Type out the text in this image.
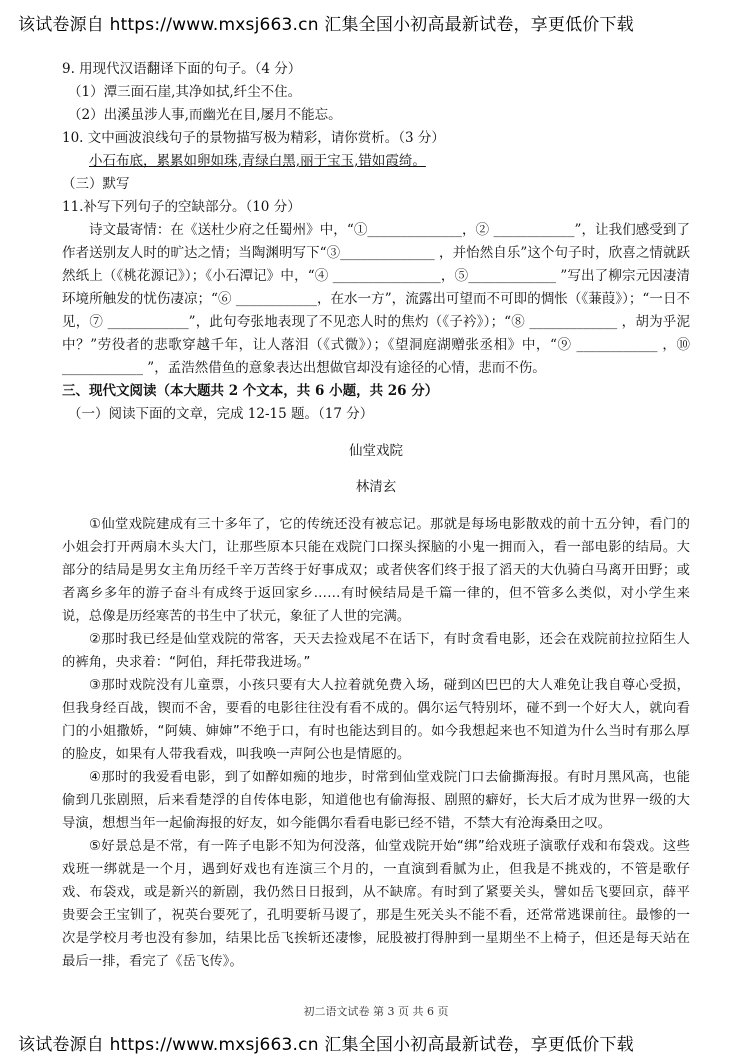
该试卷源自 https://www.mxsj663.cn 汇集全国小初高最新试卷，享更低价下载

9. 用现代汉语翻译下面的句子。（4 分）

（1）潭三面石崖,其净如拭,纤尘不住。

（2）出溪虽涉人事,而幽光在目,屡月不能忘。

10. 文中画波浪线句子的景物描写极为精彩，请你赏析。（3 分）

小石布底，累累如卵如珠,青绿白黑,丽于宝玉,错如霞绮。

（三）默写

11.补写下列句子的空缺部分。（10 分）

诗文最寄情：在《送杜少府之任蜀州》中，“①______________，② ____________”，让我们感受到了作者送别友人时的旷达之情；当陶渊明写下“③______________ ，并怡然自乐”这个句子时，欣喜之情就跃然纸上（《桃花源记》）；《小石潭记》中，“④ ________________，⑤_____________ ”写出了柳宗元因凄清环境所触发的忧伤凄凉；“⑥ ____________，在水一方”，流露出可望而不可即的惆怅（《蒹葭》）；“一日不见，⑦ ____________”，此句夸张地表现了不见恋人时的焦灼（《子衿》）；“⑧ _____________ ，胡为乎泥中？”劳役者的悲歌穿越千年，让人落泪（《式微》）；《望洞庭湖赠张丞相》中，“⑨ ____________ ，⑩ ____________ ”，孟浩然借鱼的意象表达出想做官却没有途径的心情，悲而不伤。

三、现代文阅读（本大题共 2 个文本，共 6 小题，共 26 分）

（一）阅读下面的文章，完成 12-15 题。（17 分）

仙堂戏院

林清玄

①仙堂戏院建成有三十多年了，它的传统还没有被忘记。那就是每场电影散戏的前十五分钟，看门的小姐会打开两扇木头大门，让那些原本只能在戏院门口探头探脑的小鬼一拥而入，看一部电影的结局。大部分的结局是男女主角历经千辛万苦终于好事成双；或者侠客们终于报了滔天的大仇骑白马离开田野；或者离乡多年的游子奋斗有成终于返回家乡……有时候结局是千篇一律的，但不管多么类似，对小学生来说，总像是历经寒苦的书生中了状元，象征了人世的完满。

②那时我已经是仙堂戏院的常客，天天去捡戏尾不在话下，有时贪看电影，还会在戏院前拉拉陌生人的裤角，央求着：“阿伯，拜托带我进场。”

③那时戏院没有儿童票，小孩只要有大人拉着就免费入场，碰到凶巴巴的大人难免让我自尊心受损，但我身经百战，锲而不舍，要看的电影往往没有看不成的。偶尔运气特别坏，碰不到一个好大人，就向看门的小姐撒娇，“阿姨、婶婶”不绝于口，有时也能达到目的。如今我想起来也不知道为什么当时有那么厚的脸皮，如果有人带我看戏，叫我唤一声阿公也是情愿的。

④那时的我爱看电影，到了如醉如痴的地步，时常到仙堂戏院门口去偷撕海报。有时月黑风高，也能偷到几张剧照，后来看楚浮的自传体电影，知道他也有偷海报、剧照的癖好，长大后才成为世界一级的大导演，想想当年一起偷海报的好友，如今能偶尔看看电影已经不错，不禁大有沧海桑田之叹。

⑤好景总是不常，有一阵子电影不知为何没落，仙堂戏院开始“绑”给戏班子演歌仔戏和布袋戏。这些戏班一绑就是一个月，遇到好戏也有连演三个月的，一直演到看腻为止，但我是不挑戏的，不管是歌仔戏、布袋戏，或是新兴的新剧，我仍然日日报到，从不缺席。有时到了紧要关头，譬如岳飞要回京，薛平贵要会王宝钏了，祝英台要死了，孔明要斩马谡了，那是生死关头不能不看，还常常逃课前往。最惨的一次是学校月考也没有参加，结果比岳飞挨斩还凄惨，屁股被打得肿到一星期坐不上椅子，但还是每天站在最后一排，看完了《岳飞传》。

初二语文试卷 第 3 页 共 6 页
该试卷源自 https://www.mxsj663.cn 汇集全国小初高最新试卷，享更低价下载
